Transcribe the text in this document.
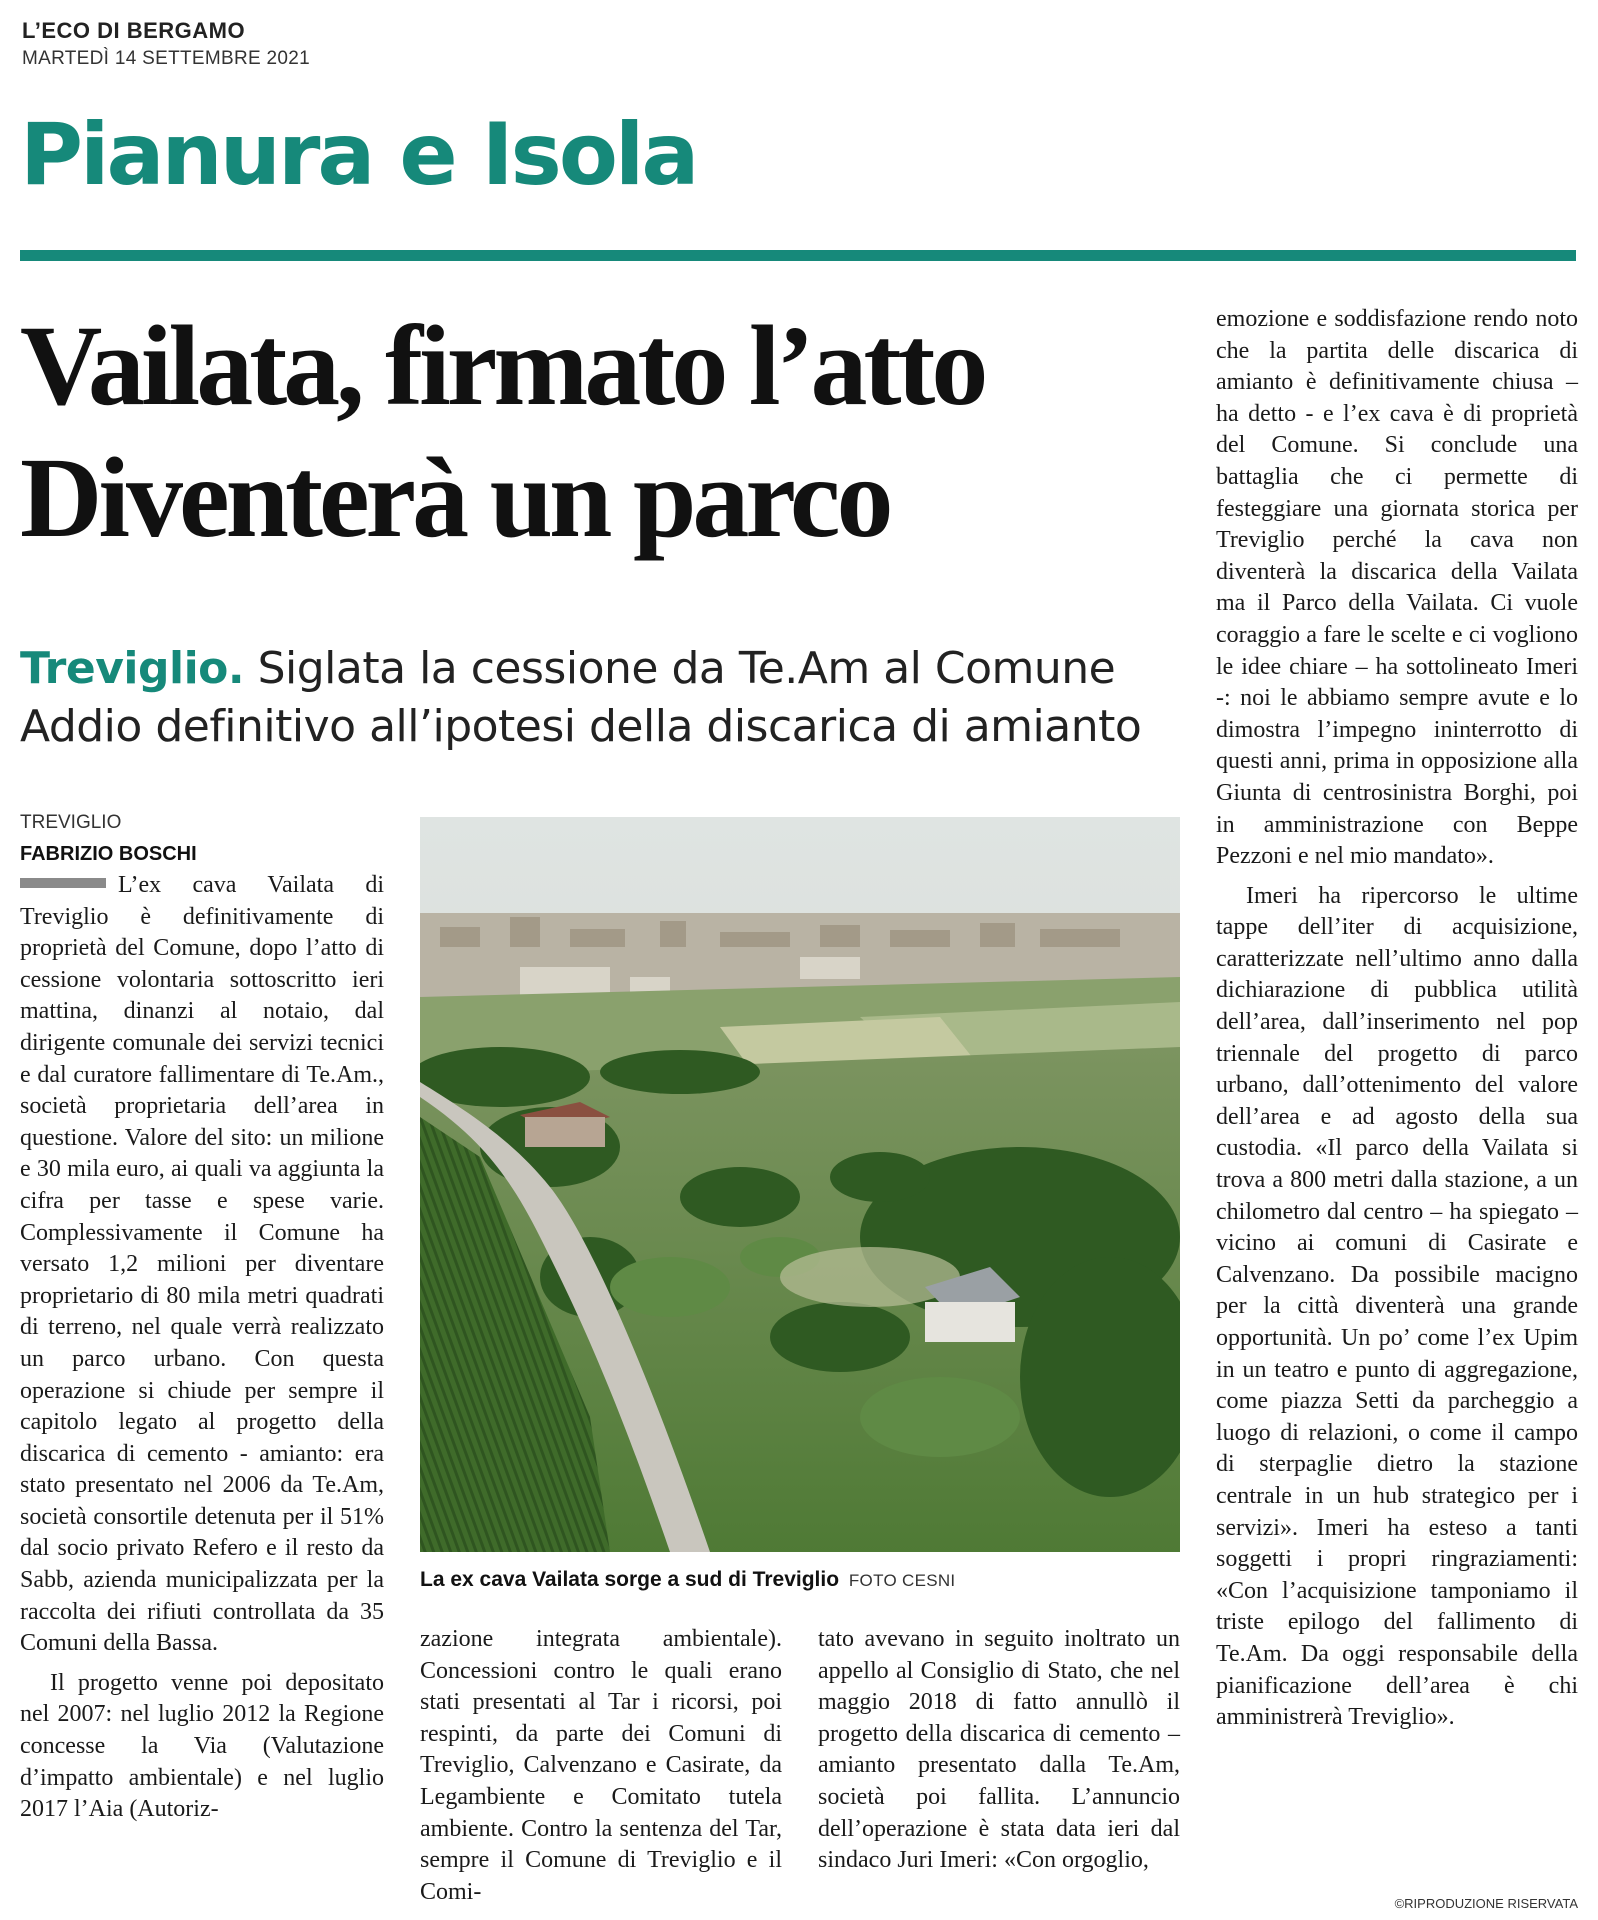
L’ECO DI BERGAMO
MARTEDÌ 14 SETTEMBRE 2021
Pianura e Isola
Vailata, firmato l’atto
Diventerà un parco
Treviglio. Siglata la cessione da Te.Am al Comune
Addio definitivo all’ipotesi della discarica di amianto
TREVIGLIO
FABRIZIO BOSCHI

L’ex cava Vailata di Treviglio è definitivamente di proprietà del Comune, dopo l’atto di cessione volontaria sottoscritto ieri mattina, dinanzi al notaio, dal dirigente comunale dei servizi tecnici e dal curatore fallimentare di Te.Am., società proprietaria dell’area in questione. Valore del sito: un milione e 30 mila euro, ai quali va aggiunta la cifra per tasse e spese varie. Complessivamente il Comune ha versato 1,2 milioni per diventare proprietario di 80 mila metri quadrati di terreno, nel quale verrà realizzato un parco urbano. Con questa operazione si chiude per sempre il capitolo legato al progetto della discarica di cemento - amianto: era stato presentato nel 2006 da Te.Am, società consortile detenuta per il 51% dal socio privato Refero e il resto da Sabb, azienda municipalizzata per la raccolta dei rifiuti controllata da 35 Comuni della Bassa.

Il progetto venne poi depositato nel 2007: nel luglio 2012 la Regione concesse la Via (Valutazione d’impatto ambientale) e nel luglio 2017 l’Aia (Autoriz-

La ex cava Vailata sorge a sud di Treviglio FOTO CESNI

zazione integrata ambientale). Concessioni contro le quali erano stati presentati al Tar i ricorsi, poi respinti, da parte dei Comuni di Treviglio, Calvenzano e Casirate, da Legambiente e Comitato tutela ambiente. Contro la sentenza del Tar, sempre il Comune di Treviglio e il Comi-

tato avevano in seguito inoltrato un appello al Consiglio di Stato, che nel maggio 2018 di fatto annullò il progetto della discarica di cemento – amianto presentato dalla Te.Am, società poi fallita. L’annuncio dell’operazione è stata data ieri dal sindaco Juri Imeri: «Con orgoglio,

emozione e soddisfazione rendo noto che la partita delle discarica di amianto è definitivamente chiusa – ha detto - e l’ex cava è di proprietà del Comune. Si conclude una battaglia che ci permette di festeggiare una giornata storica per Treviglio perché la cava non diventerà la discarica della Vailata ma il Parco della Vailata. Ci vuole coraggio a fare le scelte e ci vogliono le idee chiare – ha sottolineato Imeri -: noi le abbiamo sempre avute e lo dimostra l’impegno ininterrotto di questi anni, prima in opposizione alla Giunta di centrosinistra Borghi, poi in amministrazione con Beppe Pezzoni e nel mio mandato».

Imeri ha ripercorso le ultime tappe dell’iter di acquisizione, caratterizzate nell’ultimo anno dalla dichiarazione di pubblica utilità dell’area, dall’inserimento nel pop triennale del progetto di parco urbano, dall’ottenimento del valore dell’area e ad agosto della sua custodia. «Il parco della Vailata si trova a 800 metri dalla stazione, a un chilometro dal centro – ha spiegato – vicino ai comuni di Casirate e Calvenzano. Da possibile macigno per la città diventerà una grande opportunità. Un po’ come l’ex Upim in un teatro e punto di aggregazione, come piazza Setti da parcheggio a luogo di relazioni, o come il campo di sterpaglie dietro la stazione centrale in un hub strategico per i servizi». Imeri ha esteso a tanti soggetti i propri ringraziamenti: «Con l’acquisizione tamponiamo il triste epilogo del fallimento di Te.Am. Da oggi responsabile della pianificazione dell’area è chi amministrerà Treviglio».

©RIPRODUZIONE RISERVATA
